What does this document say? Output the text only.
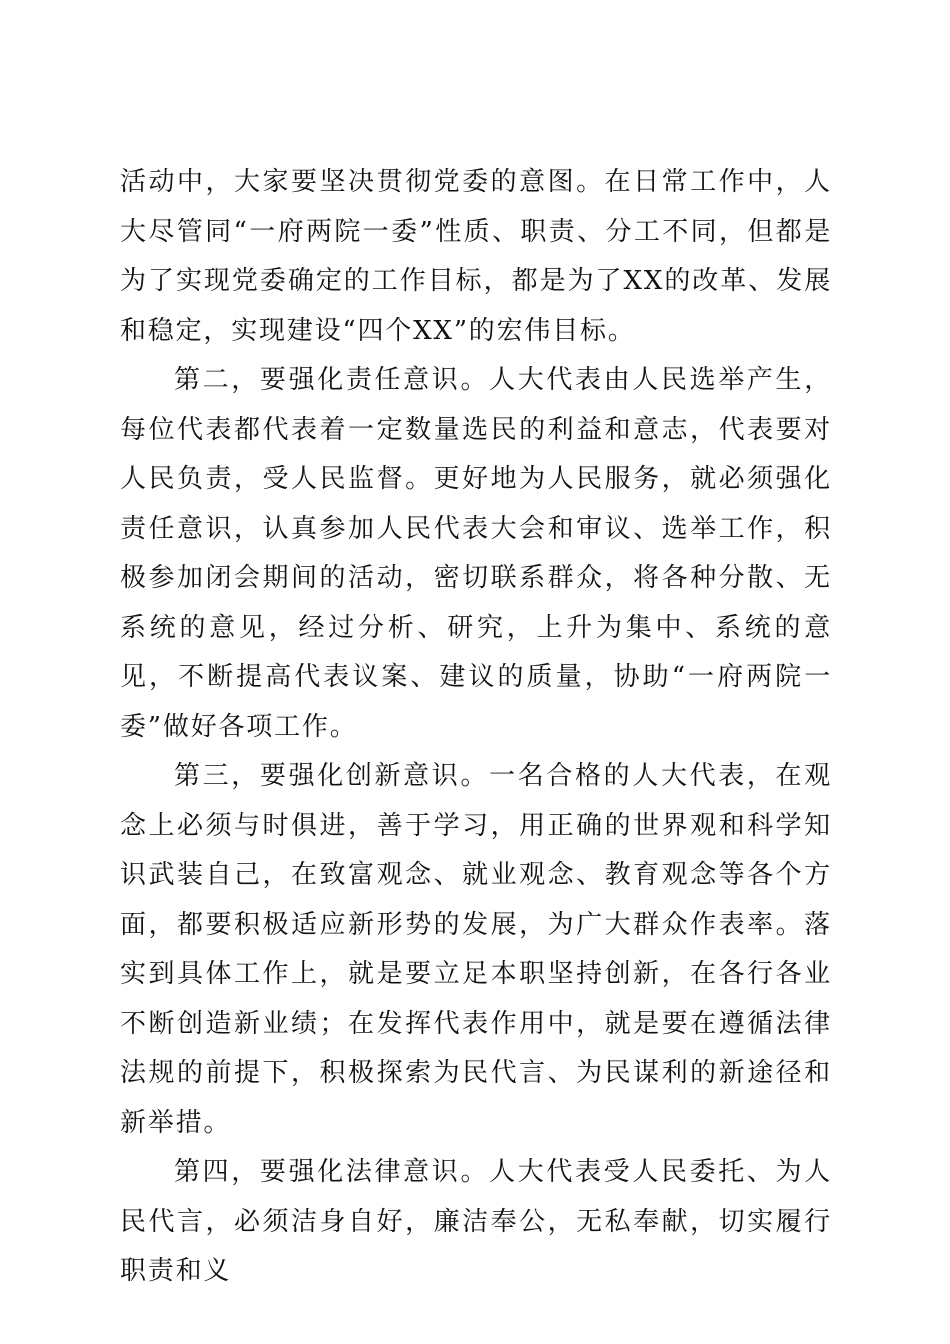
活动中，大家要坚决贯彻党委的意图。在日常工作中，人大尽管同“一府两院一委”性质、职责、分工不同，但都是为了实现党委确定的工作目标，都是为了XX的改革、发展和稳定，实现建设“四个XX”的宏伟目标。

第二，要强化责任意识。人大代表由人民选举产生，每位代表都代表着一定数量选民的利益和意志，代表要对人民负责，受人民监督。更好地为人民服务，就必须强化责任意识，认真参加人民代表大会和审议、选举工作，积极参加闭会期间的活动，密切联系群众，将各种分散、无系统的意见，经过分析、研究，上升为集中、系统的意见，不断提高代表议案、建议的质量，协助“一府两院一委”做好各项工作。

第三，要强化创新意识。一名合格的人大代表，在观念上必须与时俱进，善于学习，用正确的世界观和科学知识武装自己，在致富观念、就业观念、教育观念等各个方面，都要积极适应新形势的发展，为广大群众作表率。落实到具体工作上，就是要立足本职坚持创新，在各行各业不断创造新业绩；在发挥代表作用中，就是要在遵循法律法规的前提下，积极探索为民代言、为民谋利的新途径和新举措。

第四，要强化法律意识。人大代表受人民委托、为人民代言，必须洁身自好，廉洁奉公，无私奉献，切实履行职责和义
